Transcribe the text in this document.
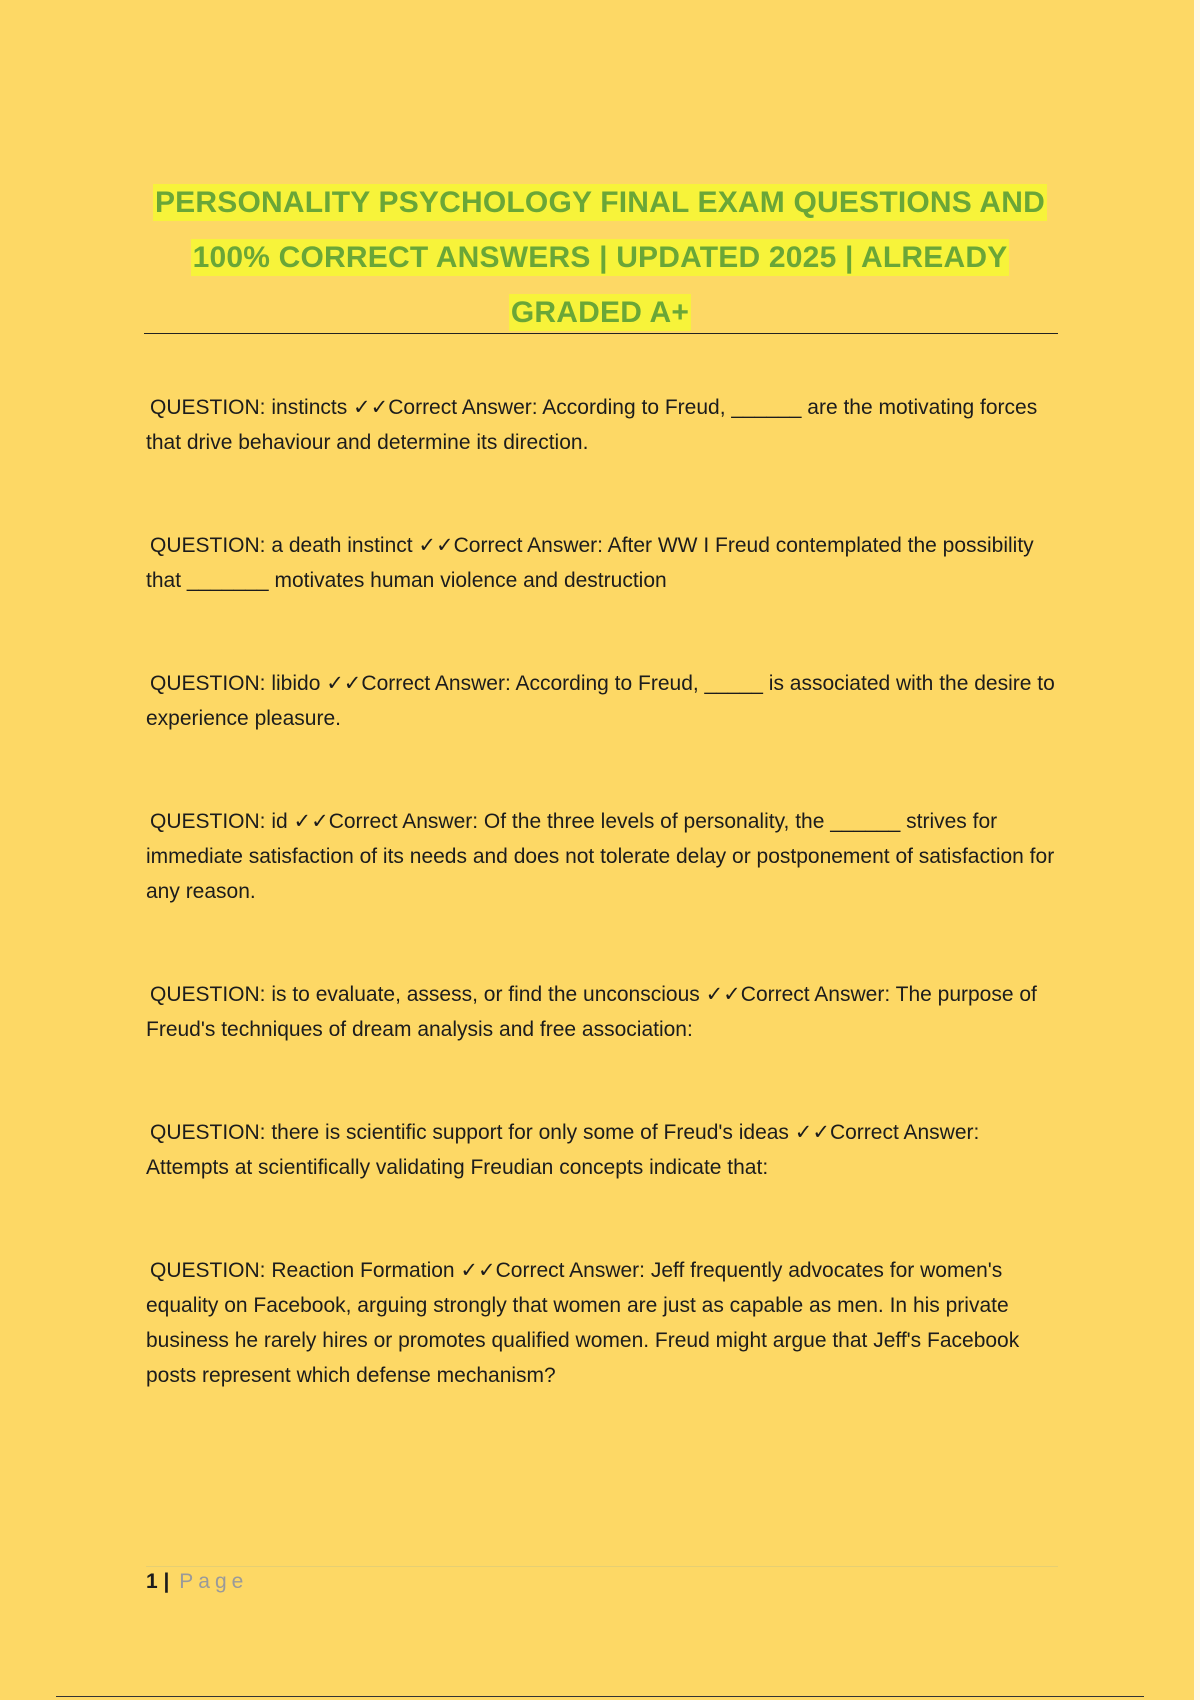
PERSONALITY PSYCHOLOGY FINAL EXAM QUESTIONS AND
100% CORRECT ANSWERS | UPDATED 2025 | ALREADY
GRADED A+

QUESTION: instincts ✓✓Correct Answer: According to Freud, ______ are the motivating forces that drive behaviour and determine its direction.

QUESTION: a death instinct ✓✓Correct Answer: After WW I Freud contemplated the possibility that _______ motivates human violence and destruction

QUESTION: libido ✓✓Correct Answer: According to Freud, _____ is associated with the desire to experience pleasure.

QUESTION: id ✓✓Correct Answer: Of the three levels of personality, the ______ strives for immediate satisfaction of its needs and does not tolerate delay or postponement of satisfaction for any reason.

QUESTION: is to evaluate, assess, or find the unconscious ✓✓Correct Answer: The purpose of Freud's techniques of dream analysis and free association:

QUESTION: there is scientific support for only some of Freud's ideas ✓✓Correct Answer: Attempts at scientifically validating Freudian concepts indicate that:

QUESTION: Reaction Formation ✓✓Correct Answer: Jeff frequently advocates for women's equality on Facebook, arguing strongly that women are just as capable as men. In his private business he rarely hires or promotes qualified women. Freud might argue that Jeff's Facebook posts represent which defense mechanism?

1 | Page
